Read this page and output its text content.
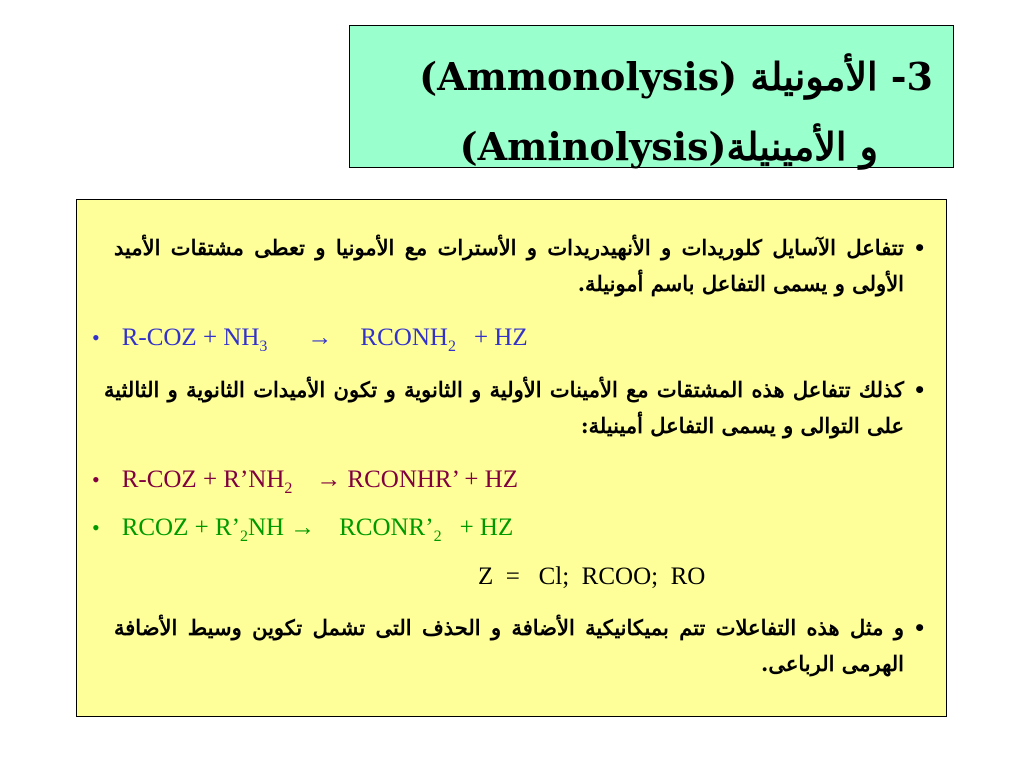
3- الأمونيلة (Ammonolysis)
و الأمينيلة(Aminolysis)
•
تتفاعل الآسايل كلوريدات و الأنهيدريدات و الأسترات مع الأمونيا و تعطى مشتقات الأميد الأولى و يسمى التفاعل باسم أمونيلة.
• $R-COZ + NH_3$ → $RCONH_2$ + HZ
•
كذلك تتفاعل هذه المشتقات مع الأمينات الأولية و الثانوية و تكون الأميدات الثانوية و الثالثية على التوالى و يسمى التفاعل أمينيلة:
• $R-COZ + R’NH_2$ → RCONHR’ + HZ
• RCOZ + $R’_2NH$ → $RCONR’_2$ + HZ
Z  =   Cl;  RCOO;  RO
•
و مثل هذه التفاعلات تتم بميكانيكية الأضافة و الحذف التى تشمل تكوين وسيط الأضافة الهرمى الرباعى.
